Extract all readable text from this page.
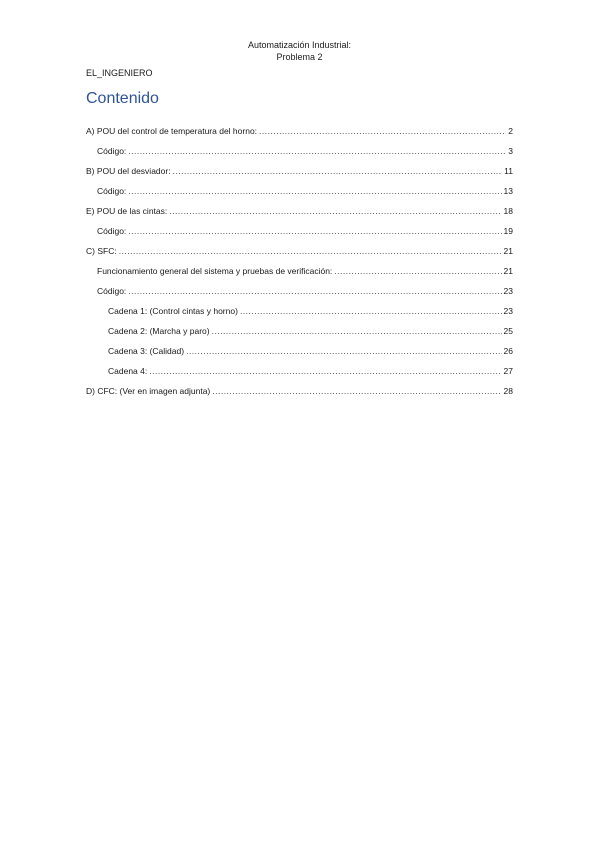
Automatización Industrial:
Problema 2
EL_INGENIERO
Contenido
A) POU del control de temperatura del horno: .....	2
Código: .....	3
B) POU del desviador: .....	11
Código: .....	13
E) POU de las cintas: .....	18
Código: .....	19
C) SFC: .....	21
Funcionamiento general del sistema y pruebas de verificación: .....	21
Código: .....	23
Cadena 1: (Control cintas y horno) .....	23
Cadena 2: (Marcha y paro) .....	25
Cadena 3: (Calidad) .....	26
Cadena 4: .....	27
D) CFC: (Ver en imagen adjunta) .....	28
